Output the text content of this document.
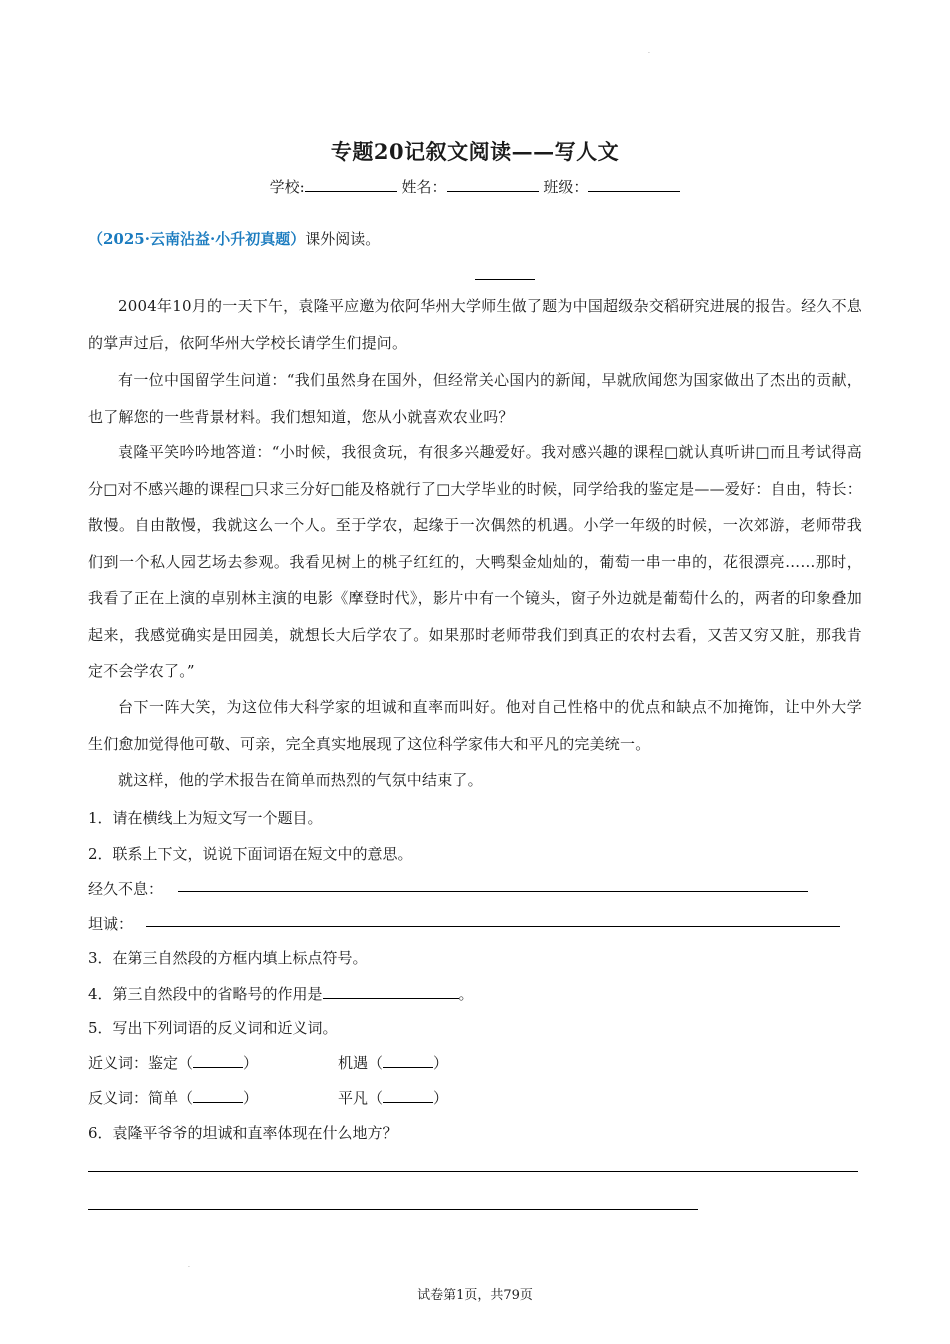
.
专题20记叙文阅读——写人文
学校:	姓名：	班级：
（2025·云南沾益·小升初真题）课外阅读。
2004年10月的一天下午，袁隆平应邀为依阿华州大学师生做了题为中国超级杂交稻研究进展的报告。经久不息的掌声过后，依阿华州大学校长请学生们提问。
有一位中国留学生问道：“我们虽然身在国外，但经常关心国内的新闻，早就欣闻您为国家做出了杰出的贡献，也了解您的一些背景材料。我们想知道，您从小就喜欢农业吗？
袁隆平笑吟吟地答道：“小时候，我很贪玩，有很多兴趣爱好。我对感兴趣的课程□就认真听讲□而且考试得高分□对不感兴趣的课程□只求三分好□能及格就行了□大学毕业的时候，同学给我的鉴定是——爱好：自由，特长：散慢。自由散慢，我就这么一个人。至于学农，起缘于一次偶然的机遇。小学一年级的时候，一次郊游，老师带我们到一个私人园艺场去参观。我看见树上的桃子红红的，大鸭梨金灿灿的，葡萄一串一串的，花很漂亮……那时，我看了正在上演的卓别林主演的电影《摩登时代》，影片中有一个镜头，窗子外边就是葡萄什么的，两者的印象叠加起来，我感觉确实是田园美，就想长大后学农了。如果那时老师带我们到真正的农村去看，又苦又穷又脏，那我肯定不会学农了。”
台下一阵大笑，为这位伟大科学家的坦诚和直率而叫好。他对自己性格中的优点和缺点不加掩饰，让中外大学生们愈加觉得他可敬、可亲，完全真实地展现了这位科学家伟大和平凡的完美统一。
就这样，他的学术报告在简单而热烈的气氛中结束了。
1．请在横线上为短文写一个题目。
2．联系上下文，说说下面词语在短文中的意思。
经久不息：
坦诚：
3．在第三自然段的方框内填上标点符号。
4．第三自然段中的省略号的作用是	。
5．写出下列词语的反义词和近义词。
近义词：鉴定（	）	机遇（	）
反义词：简单（	）	平凡（	）
6．袁隆平爷爷的坦诚和直率体现在什么地方？
.
试卷第1页，共79页
